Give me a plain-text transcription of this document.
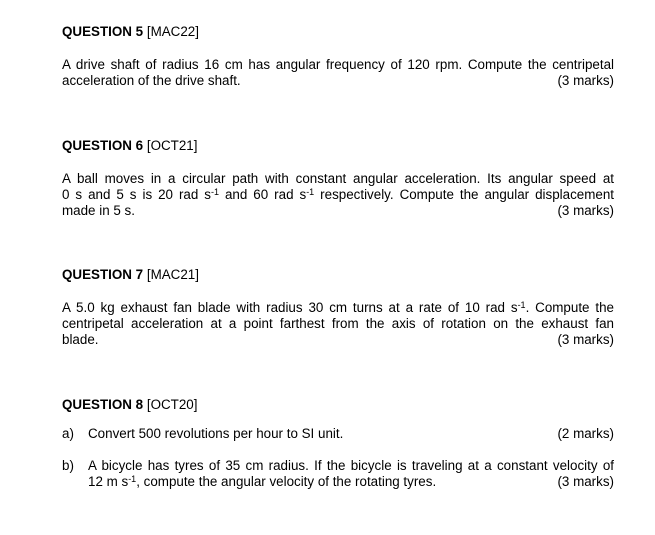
QUESTION 5 [MAC22]

A drive shaft of radius 16 cm has angular frequency of 120 rpm. Compute the centripetal
acceleration of the drive shaft.	(3 marks)

QUESTION 6 [OCT21]

A ball moves in a circular path with constant angular acceleration. Its angular speed at
0 s and 5 s is 20 rad $s^{-1}$ and 60 rad $s^{-1}$ respectively. Compute the angular displacement
made in 5 s.	(3 marks)

QUESTION 7 [MAC21]

A 5.0 kg exhaust fan blade with radius 30 cm turns at a rate of 10 rad $s^{-1}$. Compute the
centripetal acceleration at a point farthest from the axis of rotation on the exhaust fan
blade.	(3 marks)

QUESTION 8 [OCT20]

a)	Convert 500 revolutions per hour to SI unit.	(2 marks)
b)	A bicycle has tyres of 35 cm radius. If the bicycle is traveling at a constant velocity of
12 m $s^{-1}$, compute the angular velocity of the rotating tyres.	(3 marks)
